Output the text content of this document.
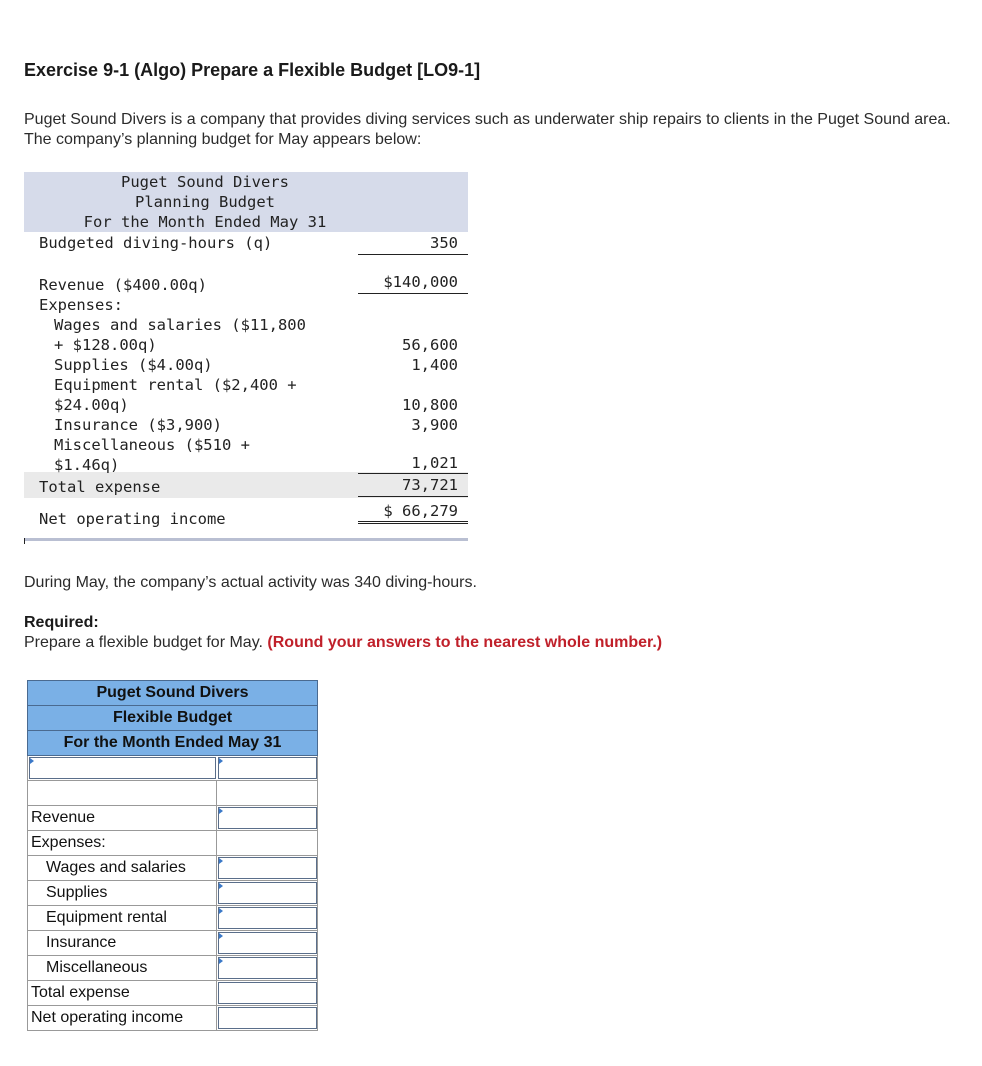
Exercise 9-1 (Algo) Prepare a Flexible Budget [LO9-1]

Puget Sound Divers is a company that provides diving services such as underwater ship repairs to clients in the Puget Sound area. The company’s planning budget for May appears below:

Puget Sound Divers
Planning Budget
For the Month Ended May 31
Budgeted diving-hours (q)	350
Revenue ($400.00q)	$140,000
Expenses:
Wages and salaries ($11,800
+ $128.00q)	56,600
Supplies ($4.00q)	1,400
Equipment rental ($2,400 +
$24.00q)	10,800
Insurance ($3,900)	3,900
Miscellaneous ($510 +
$1.46q)	1,021
Total expense	73,721
Net operating income	$ 66,279

During May, the company’s actual activity was 340 diving-hours.

Required:

Prepare a flexible budget for May. (Round your answers to the nearest whole number.)

Puget Sound Divers
Flexible Budget
For the Month Ended May 31
Revenue
Expenses:
Wages and salaries
Supplies
Equipment rental
Insurance
Miscellaneous
Total expense
Net operating income
